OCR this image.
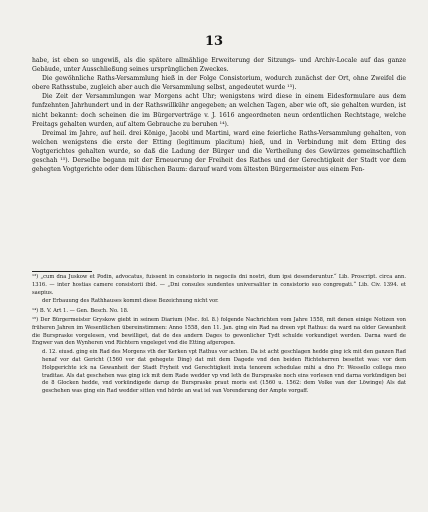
13

habe, ist eben so ungewiß, als die spätere allmählige Erweiterung der Sitzungs- und Archiv-Locale auf das ganze Gebäude, unter Ausschließung seines ursprünglichen Zweckes.

Die gewöhnliche Raths-Versammlung hieß in der Folge Consistorium, wodurch zunächst der Ort, ohne Zweifel die obere Rathsstube, zugleich aber auch die Versammlung selbst, angedeutet wurde ¹³).

Die Zeit der Versammlungen war Morgens acht Uhr; wenigstens wird diese in einem Eidesformulare aus dem funfzehnten Jahrhundert und in der Rathswillkühr angegeben; an welchen Tagen, aber wie oft, sie gehalten wurden, ist nicht bekannt: doch scheinen die im Bürgerverträge v. J. 1616 angeordneten neun ordentlichen Rechtstage, welche Freitags gehalten wurden, auf altem Gebrauche zu beruhen ¹⁴).

Dreimal im Jahre, auf heil. drei Könige, Jacobi und Martini, ward eine feierliche Raths-Versammlung gehalten, von welchen wenigstens die erste der Etting (legitimum placitum) hieß, und in Verbindung mit dem Etting des Vogtgerichtes gehalten wurde, so daß die Ladung der Bürger und die Vertheilung des Gewürzes gemeinschaftlich geschah ¹⁵). Derselbe begann mit der Erneuerung der Freiheit des Rathes und der Gerechtigkeit der Stadt vor dem gehegten Vogtgerichte oder dem lübischen Baum: darauf ward vom ältesten Bürgermeister aus einem Fen-

¹³) „cum dna Juskow et Podin, advocatus, fuissent in consistorio in negociis dni nostri, dum ipsi desenderuntur.“ Lib. Proscript. circa ann. 1316. — inter hostias camere consistorii ibid. — „Dni consules sundentes universaliter in consistorio suo congregati.“ Lib. Civ. 1394. et saepius.

der Erbauung des Rathhauses kommt diese Bezeichnung nicht vor.

¹⁴) B. V. Art 1. — Gen. Besch. No. 18.

¹⁵) Der Bürgermeister Gryskow giebt in seinem Diarium (Msc. fol. 8.) folgende Nachrichten vom Jahre 1558, mit denen einige Notizen von früheren Jahren im Wesentlichen übereinstimmen: Anno 1558, den 11. Jan. ging ein Rad na dreen vpt Rathus: da ward na older Gewanheit die Burspraske vorgelesen, vnd bewilliget, dat de des andern Dages to gewonlicher Tydt schulde vorkundiget werden. Darna ward de Engwer van den Wynheren vnd Richtern vngeleget vnd die Etting afgeropen.

d. 12. eiusd. ging ein Rad des Morgens vth der Kerken vpt Rathus vor achten. Da ist acht geschlagen hedde ging ick mit den ganzen Rad henaf vor dat Gericht (1560 vor dat gehegete Ding) dat mit dem Dagede vnd den beiden Richteherren besettet was: vor dem Holpgerichte ick na Gewanheit der Stadt Fryheit vnd Gerechtigkeit inxta tenorem schedulae mihi a dno Fr. Wessello collega meo traditae. Als dat geschehen was ging ick mit dem Rade wedder vp vnd leth de Burspraske noch eins vorlesen vnd darna vorkündigen bei de 8 Glocken hedde, vnd vorkündigede darup de Burspraske praut moris est (1560 u. 1562: dem Volke van der Löwinge) Als dat geschehen was ging ein Rad wedder sitten vnd hörde an wat iel van Vorenderung der Ampte vorgaff.
